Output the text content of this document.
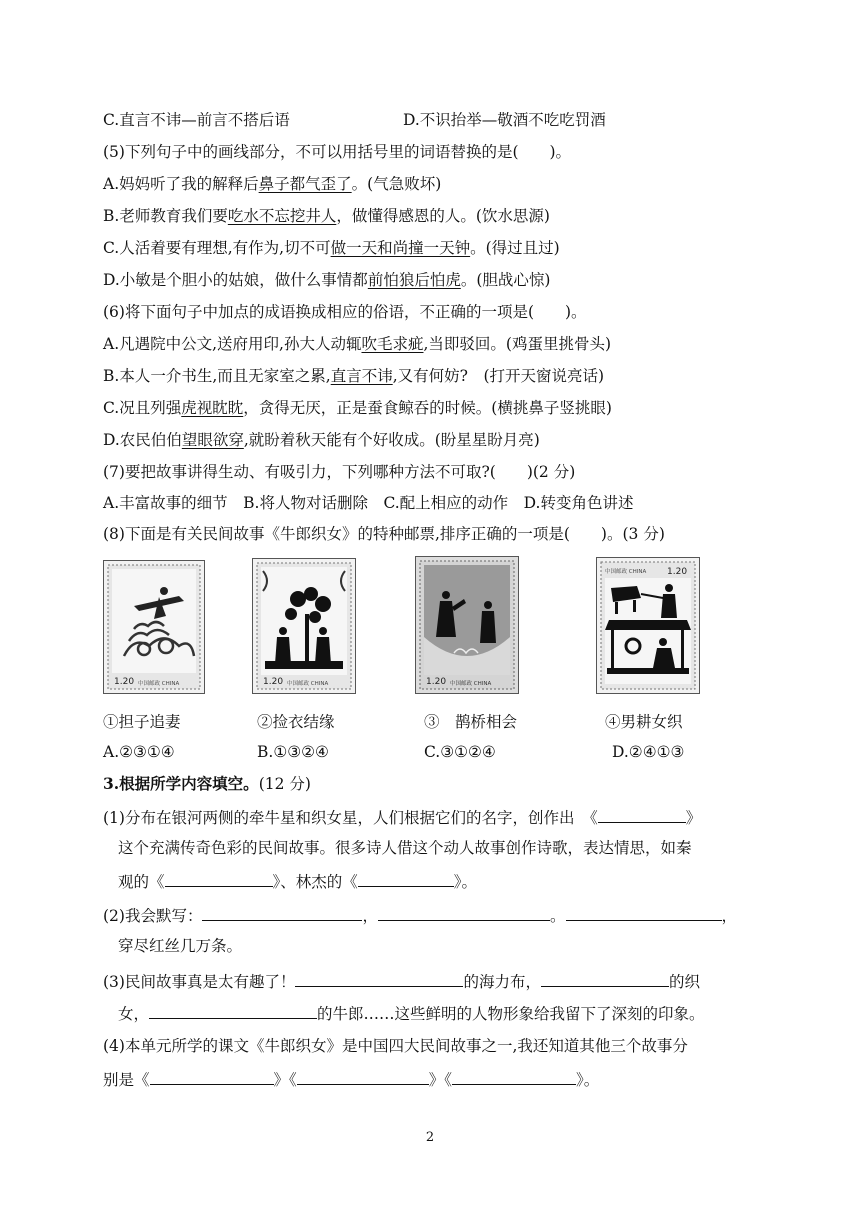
C.直言不讳—前言不搭后语	D.不识抬举—敬酒不吃吃罚酒
(5)下列句子中的画线部分，不可以用括号里的词语替换的是(　　)。
A.妈妈听了我的解释后鼻子都气歪了。(气急败坏)
B.老师教育我们要吃水不忘挖井人，做懂得感恩的人。(饮水思源)
C.人活着要有理想,有作为,切不可做一天和尚撞一天钟。(得过且过)
D.小敏是个胆小的姑娘，做什么事情都前怕狼后怕虎。(胆战心惊)
(6)将下面句子中加点的成语换成相应的俗语，不正确的一项是(　　)。
A.凡遇院中公文,送府用印,孙大人动辄吹毛求疵,当即驳回。(鸡蛋里挑骨头)
B.本人一介书生,而且无家室之累,直言不讳,又有何妨?　(打开天窗说亮话)
C.况且列强虎视眈眈，贪得无厌，正是蚕食鲸吞的时候。(横挑鼻子竖挑眼)
D.农民伯伯望眼欲穿,就盼着秋天能有个好收成。(盼星星盼月亮)
(7)要把故事讲得生动、有吸引力，下列哪种方法不可取?(　　)(2 分)
A.丰富故事的细节　B.将人物对话删除　C.配上相应的动作　D.转变角色讲述
(8)下面是有关民间故事《牛郎织女》的特种邮票,排序正确的一项是(　　)。(3 分)
1.20 中国邮政 CHINA	1.20 中国邮政 CHINA	1.20 中国邮政 CHINA
中国邮政 CHINA 1.20
①担子追妻	②捡衣结缘	③　鹊桥相会	④男耕女织
A.②③①④	B.①③②④	C.③①②④	D.②④①③
3.根据所学内容填空。(12 分)
(1)分布在银河两侧的牵牛星和织女星，人们根据它们的名字，创作出　《	》
这个充满传奇色彩的民间故事。很多诗人借这个动人故事创作诗歌，表达情思，如秦
观的《	》、林杰的《	》。
(2)我会默写：	，	。	，
穿尽红丝几万条。
(3)民间故事真是太有趣了！	的海力布，	的织
女，	的牛郎……这些鲜明的人物形象给我留下了深刻的印象。
(4)本单元所学的课文《牛郎织女》是中国四大民间故事之一,我还知道其他三个故事分
别是《	》《	》《	》。
2
